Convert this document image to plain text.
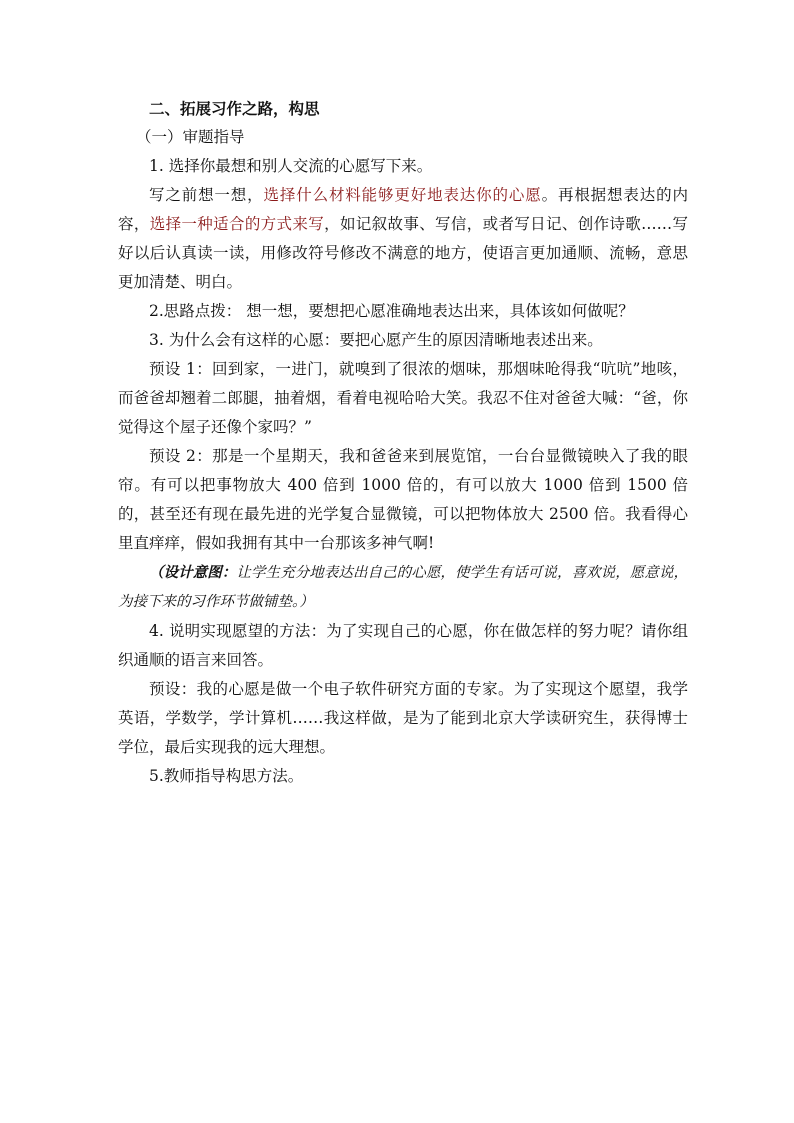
二、拓展习作之路，构思

（一）审题指导

1. 选择你最想和别人交流的心愿写下来。

写之前想一想，选择什么材料能够更好地表达你的心愿。再根据想表达的内容，选择一种适合的方式来写，如记叙故事、写信，或者写日记、创作诗歌……写好以后认真读一读，用修改符号修改不满意的地方，使语言更加通顺、流畅，意思更加清楚、明白。

2.思路点拨： 想一想，要想把心愿准确地表达出来，具体该如何做呢？

3. 为什么会有这样的心愿：要把心愿产生的原因清晰地表述出来。

预设 1：回到家，一进门，就嗅到了很浓的烟味，那烟味呛得我“吭吭”地咳，而爸爸却翘着二郎腿，抽着烟，看着电视哈哈大笑。我忍不住对爸爸大喊：“爸，你觉得这个屋子还像个家吗？”

预设 2：那是一个星期天，我和爸爸来到展览馆，一台台显微镜映入了我的眼帘。有可以把事物放大 400 倍到 1000 倍的，有可以放大 1000 倍到 1500 倍的，甚至还有现在最先进的光学复合显微镜，可以把物体放大 2500 倍。我看得心里直痒痒，假如我拥有其中一台那该多神气啊!

（设计意图：让学生充分地表达出自己的心愿，使学生有话可说，喜欢说，愿意说，为接下来的习作环节做铺垫。）

4. 说明实现愿望的方法：为了实现自己的心愿，你在做怎样的努力呢？请你组织通顺的语言来回答。

预设：我的心愿是做一个电子软件研究方面的专家。为了实现这个愿望，我学英语，学数学，学计算机……我这样做，是为了能到北京大学读研究生，获得博士学位，最后实现我的远大理想。

5.教师指导构思方法。
